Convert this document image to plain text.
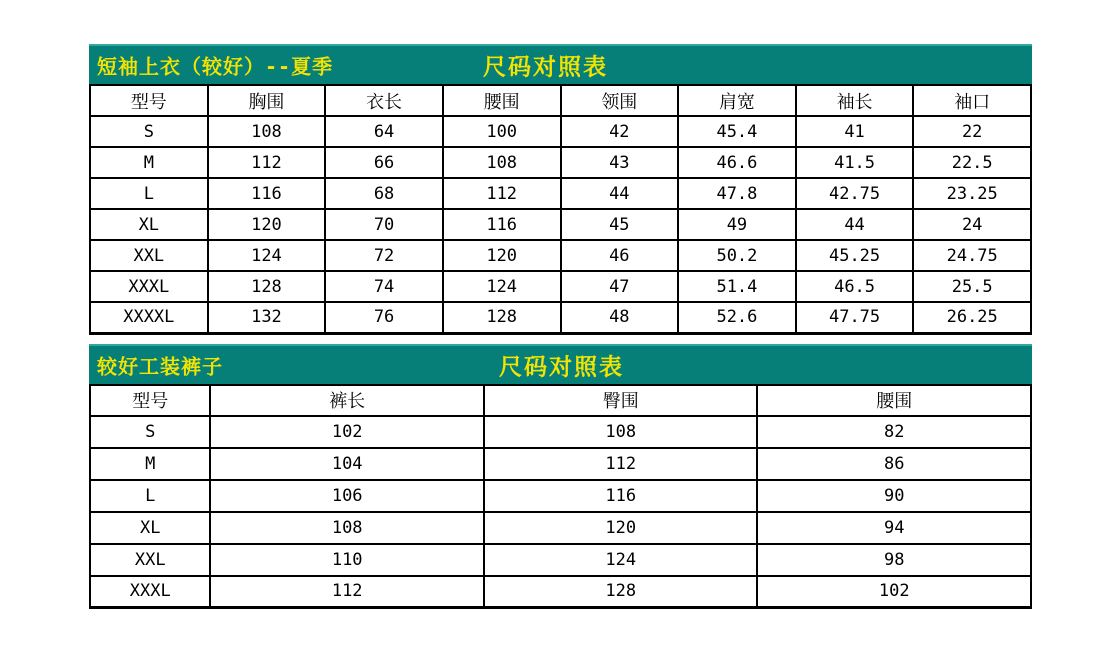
短袖上衣（较好）--夏季	尺码对照表
型号	胸围	衣长	腰围	领围	肩宽	袖长	袖口
S	108	64	100	42	45.4	41	22
M	112	66	108	43	46.6	41.5	22.5
L	116	68	112	44	47.8	42.75	23.25
XL	120	70	116	45	49	44	24
XXL	124	72	120	46	50.2	45.25	24.75
XXXL	128	74	124	47	51.4	46.5	25.5
XXXXL	132	76	128	48	52.6	47.75	26.25
较好工装裤子	尺码对照表
型号	裤长	臀围	腰围
S	102	108	82
M	104	112	86
L	106	116	90
XL	108	120	94
XXL	110	124	98
XXXL	112	128	102
